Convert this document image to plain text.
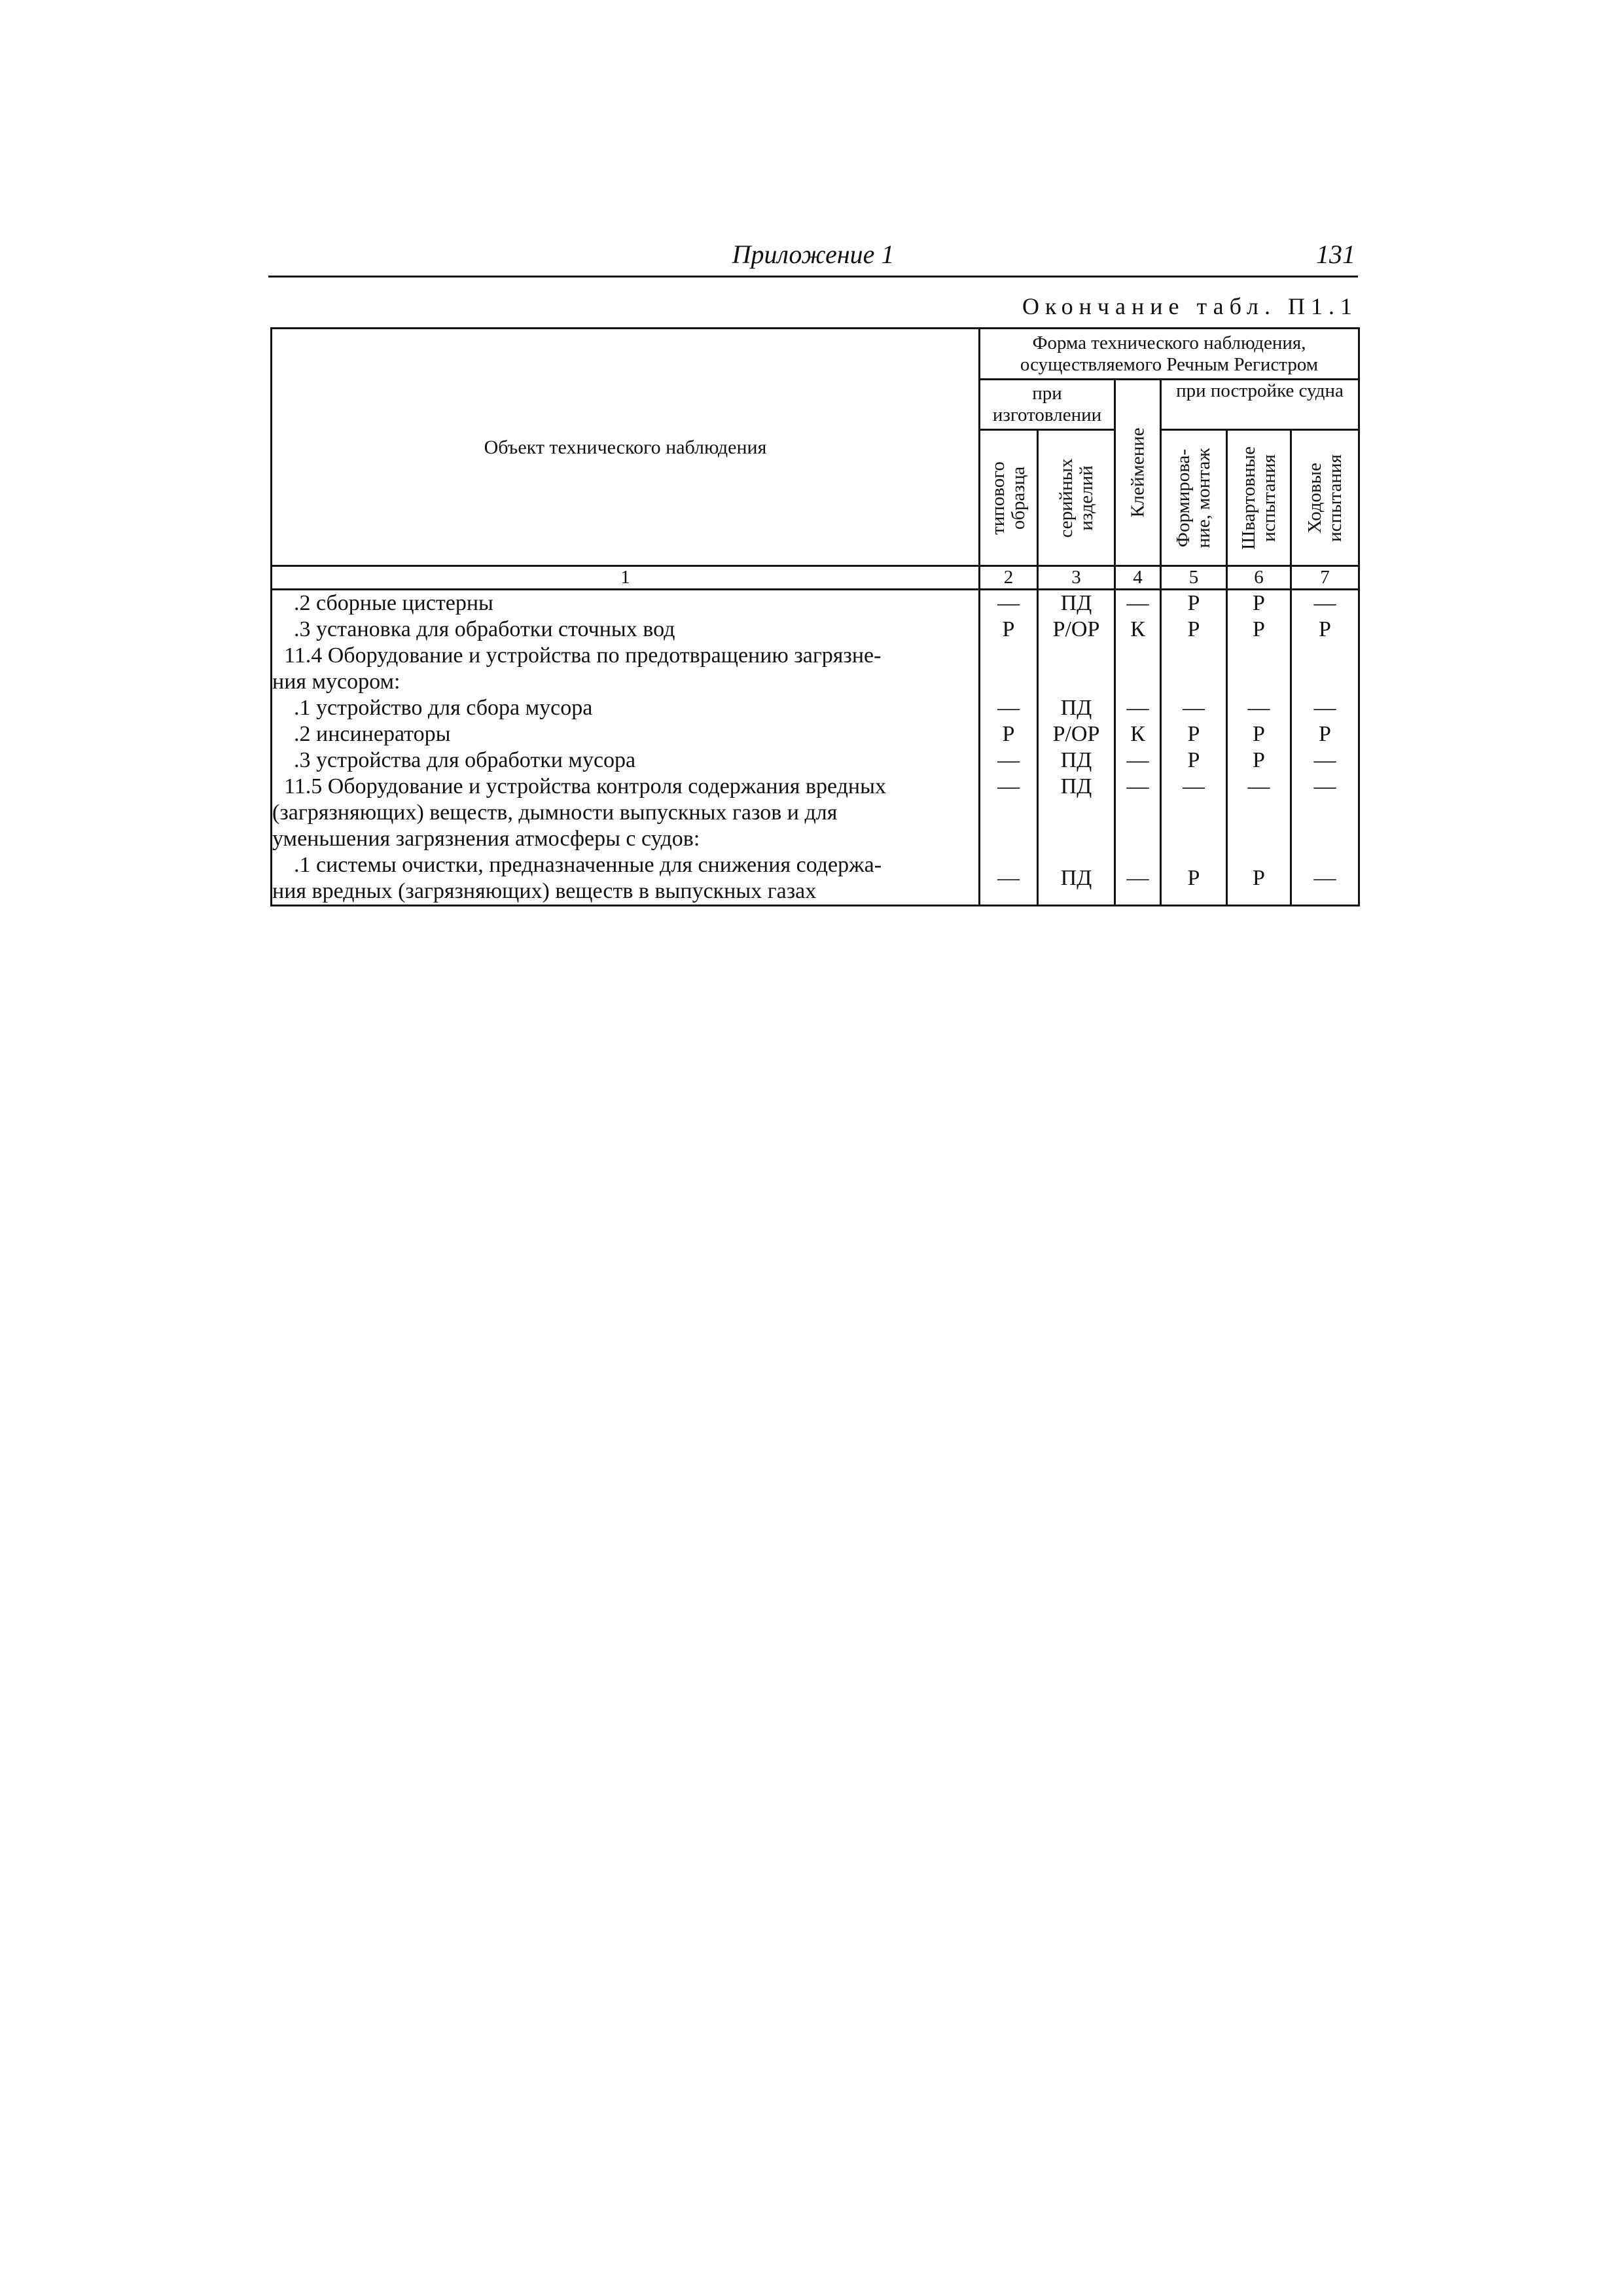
Приложение 1	131
Окончание табл. П1.1
Объект технического наблюдения	Форма технического наблюдения,
осуществляемого Речным Регистром					

	при
изготовлении		Клеймение	при постройке судна		

	типового образца	серийных изделий		Формирова- ние, монтаж	Швартовные испытания	Ходовые испытания

1	2	3	4	5	6	7
.2 сборные цистерны	—	ПД	—	Р	Р	—
.3 установка для обработки сточных вод	Р	Р/ОР	К	Р	Р	Р

11.4 Оборудование и устройства по предотвращению загрязне-
ния мусором:						

.1 устройство для сбора мусора	—	ПД	—	—	—	—
.2 инсинераторы	Р	Р/ОР	К	Р	Р	Р
.3 устройства для обработки мусора	—	ПД	—	Р	Р	—

11.5 Оборудование и устройства контроля содержания вредных
(загрязняющих) веществ, дымности выпускных газов и для
уменьшения загрязнения атмосферы с судов:	—	ПД	—	—	—	—

.1 системы очистки, предназначенные для снижения содержа-
ния вредных (загрязняющих) веществ в выпускных газах	—	ПД	—	Р	Р	—
